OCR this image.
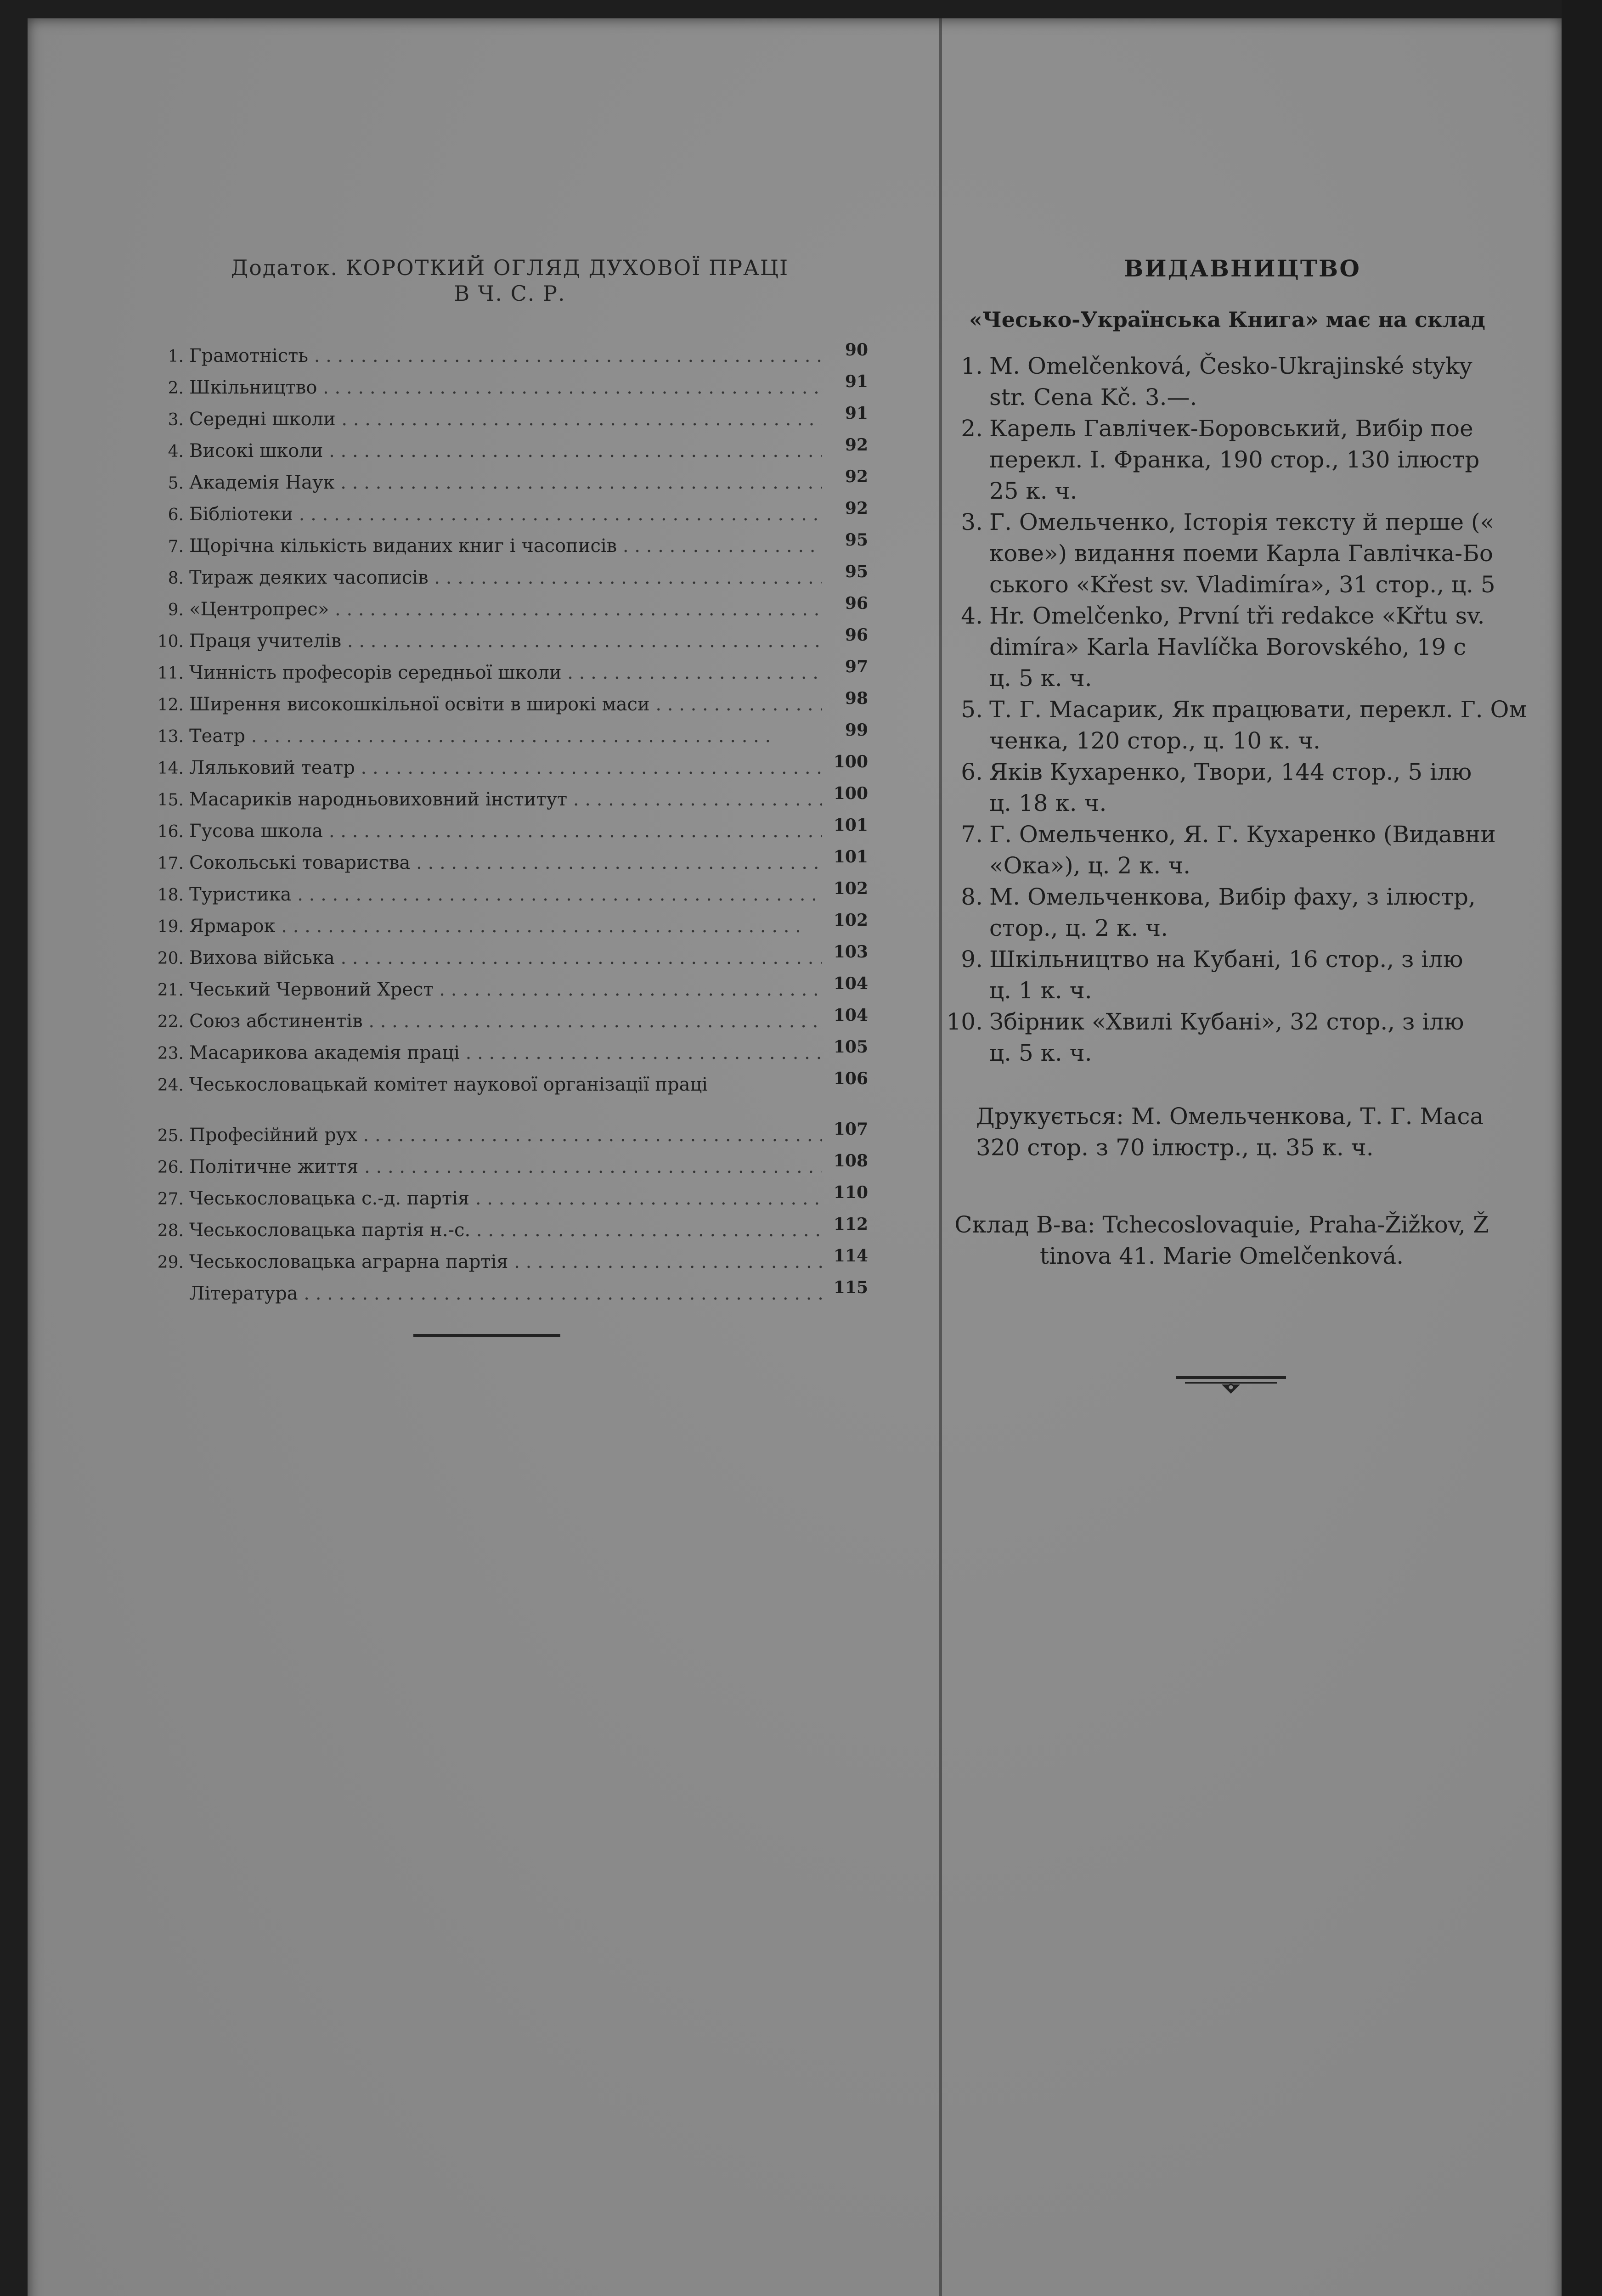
Додаток. КОРОТКИЙ ОГЛЯД ДУХОВОЇ ПРАЦІ
В Ч. С. Р.
1. Грамотність . . .	90
2. Шкільництво . . .	91
3. Середні школи . . .	91
4. Високі школи . . .	92
5. Академія Наук . . .	92
6. Бібліотеки . . .	92
7. Щорічна кількість виданих книг і часописів . . .	95
8. Тираж деяких часописів . . .	95
9. «Центропрес» . . .	96
10. Праця учителів . . .	96
11. Чинність професорів середньої школи . . .	97
12. Ширення високошкільної освіти в широкі маси . . .	98
13. Театр . . .	99
14. Ляльковий театр . . .	100
15. Масариків народньовиховний інститут . . .	100
16. Гусова школа . . .	101
17. Сокольські товариства . . .	101
18. Туристика . . .	102
19. Ярмарок . . .	102
20. Вихова війська . . .	103
21. Чеський Червоний Хрест . . .	104
22. Союз абстинентів . . .	104
23. Масарикова академія праці . . .	105
24. Чеськословацькай комітет наукової організації праці	106
25. Професійний рух . . .	107
26. Політичне життя . . .	108
27. Чеськословацька с.-д. партія . . .	110
28. Чеськословацька партія н.-с. . . .	112
29. Чеськословацька аграрна партія . . .	114
Література . . .	115
ВИДАВНИЦТВО
«Чесько-Українська Книга» має на склад
1. M. Omelčenková, Česko-Ukrajinské styky
str. Cena Kč. 3.—.
2. Карель Гавлічек-Боровський, Вибір пое
перекл. І. Франка, 190 стор., 130 ілюстр
25 к. ч.
3. Г. Омельченко, Історія тексту й перше («
кове») видання поеми Карла Гавлічка-Бо
ського «Křest sv. Vladimíra», 31 стор., ц. 5
4. Hr. Omelčenko, První tři redakce «Křtu sv.
dimíra» Karla Havlíčka Borovského, 19 с
ц. 5 к. ч.
5. Т. Г. Масарик, Як працювати, перекл. Г. Ом
ченка, 120 стор., ц. 10 к. ч.
6. Яків Кухаренко, Твори, 144 стор., 5 ілю
ц. 18 к. ч.
7. Г. Омельченко, Я. Г. Кухаренко (Видавни
«Ока»), ц. 2 к. ч.
8. М. Омельченкова, Вибір фаху, з ілюстр,
стор., ц. 2 к. ч.
9. Шкільництво на Кубані, 16 стор., з ілю
ц. 1 к. ч.
10. Збірник «Хвилі Кубані», 32 стор., з ілю
ц. 5 к. ч.
Друкується: М. Омельченкова, Т. Г. Маса
320 стор. з 70 ілюстр., ц. 35 к. ч.
Склад В-ва: Tchecoslovaquie, Praha-Žižkov, Ž
tinova 41. Marie Omelčenková.
